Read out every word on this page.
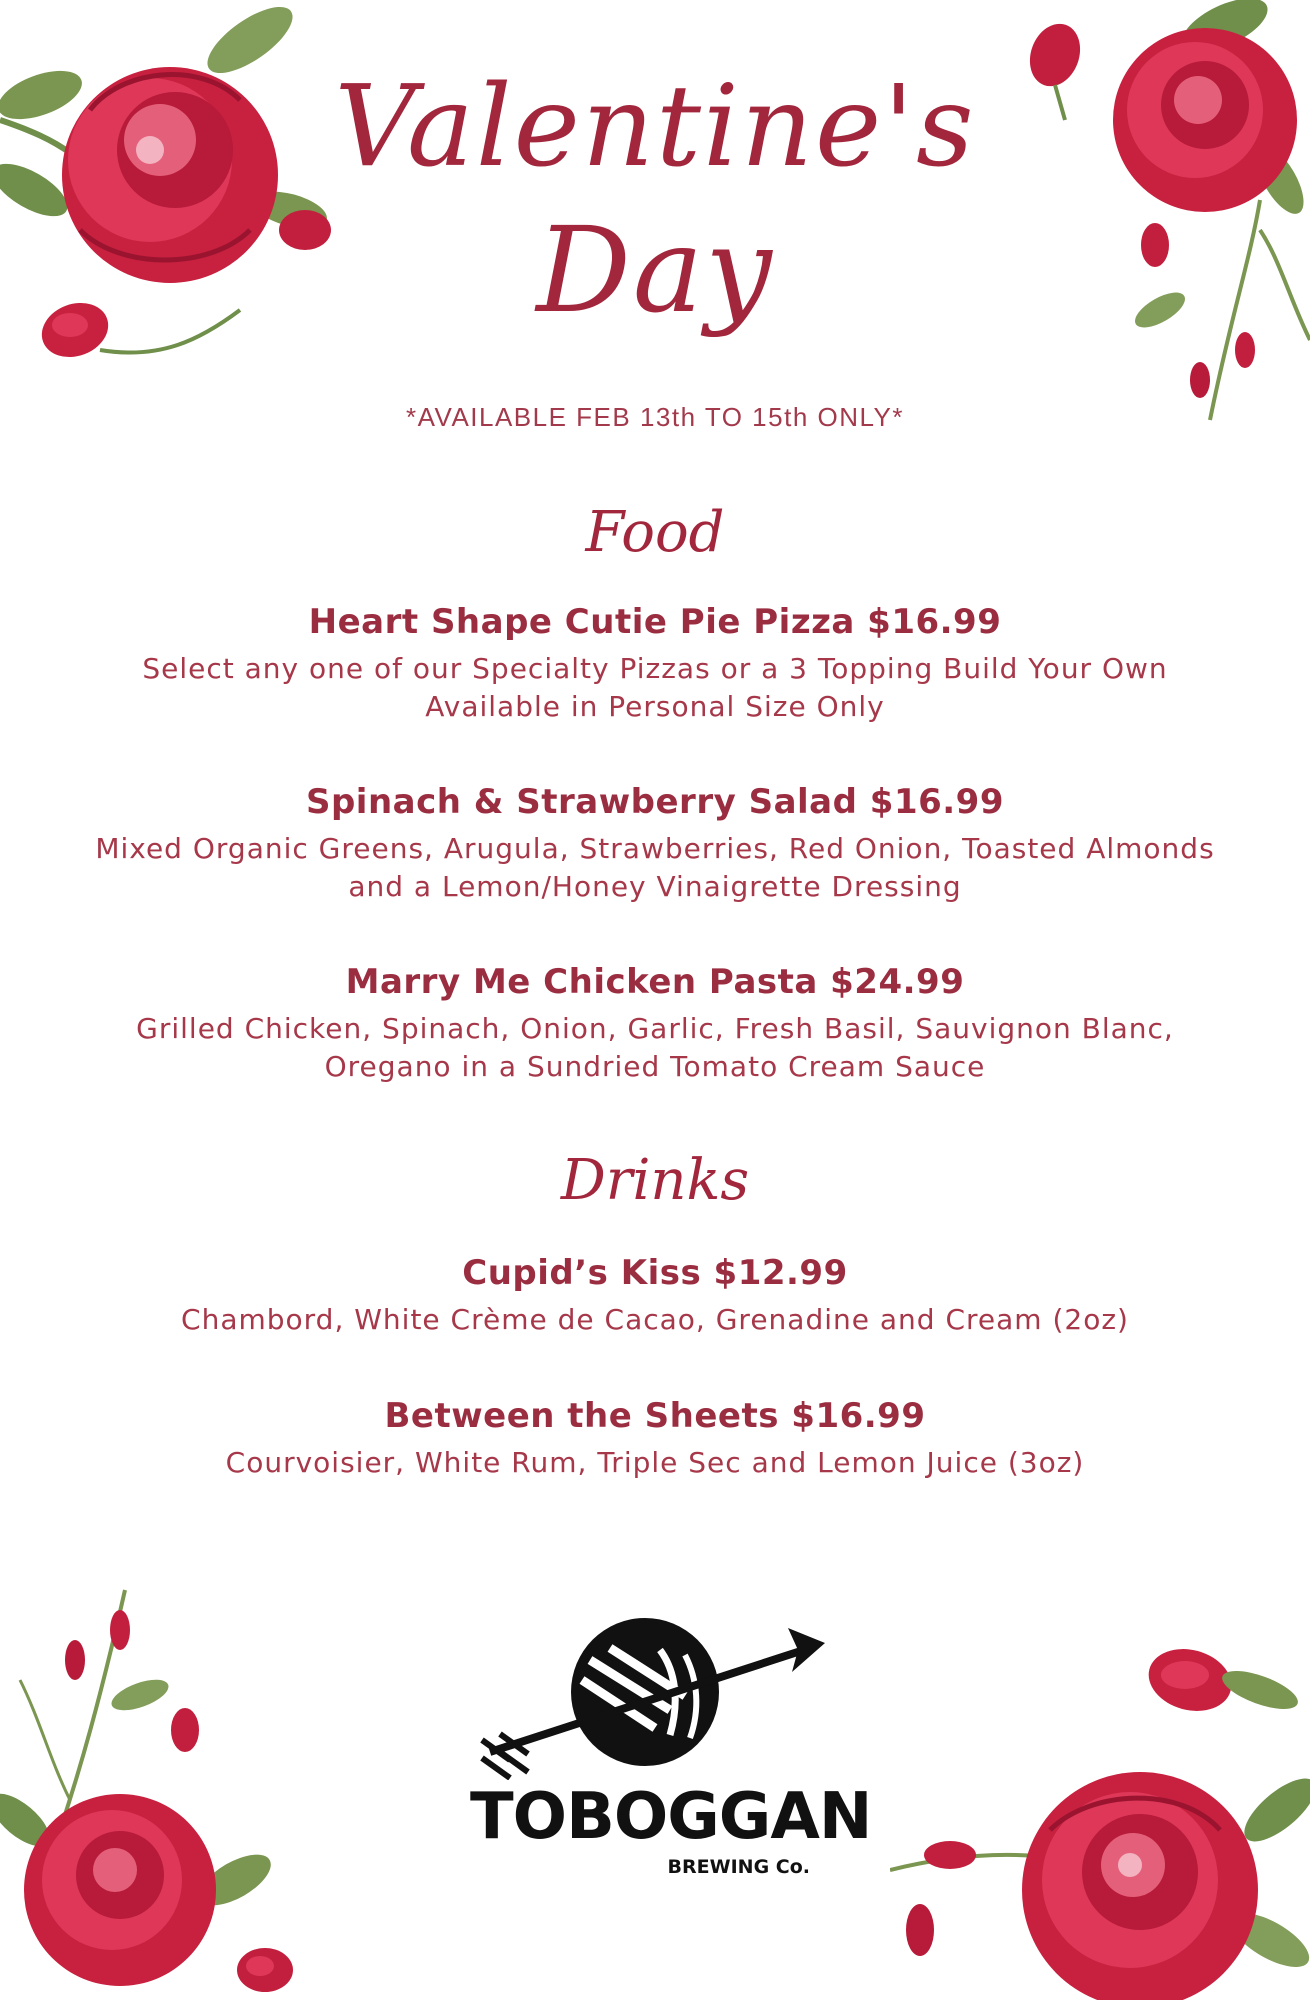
Valentine's
Day
*AVAILABLE FEB 13th TO 15th ONLY*
Food
Heart Shape Cutie Pie Pizza $16.99
Select any one of our Specialty Pizzas or a 3 Topping Build Your Own
Available in Personal Size Only
Spinach & Strawberry Salad $16.99
Mixed Organic Greens, Arugula, Strawberries, Red Onion, Toasted Almonds
and a Lemon/Honey Vinaigrette Dressing
Marry Me Chicken Pasta $24.99
Grilled Chicken, Spinach, Onion, Garlic, Fresh Basil, Sauvignon Blanc,
Oregano in a Sundried Tomato Cream Sauce
Drinks
Cupid’s Kiss $12.99
Chambord, White Crème de Cacao, Grenadine and Cream (2oz)
Between the Sheets $16.99
Courvoisier, White Rum, Triple Sec and Lemon Juice (3oz)
TOBOGGAN
BREWING Co.
